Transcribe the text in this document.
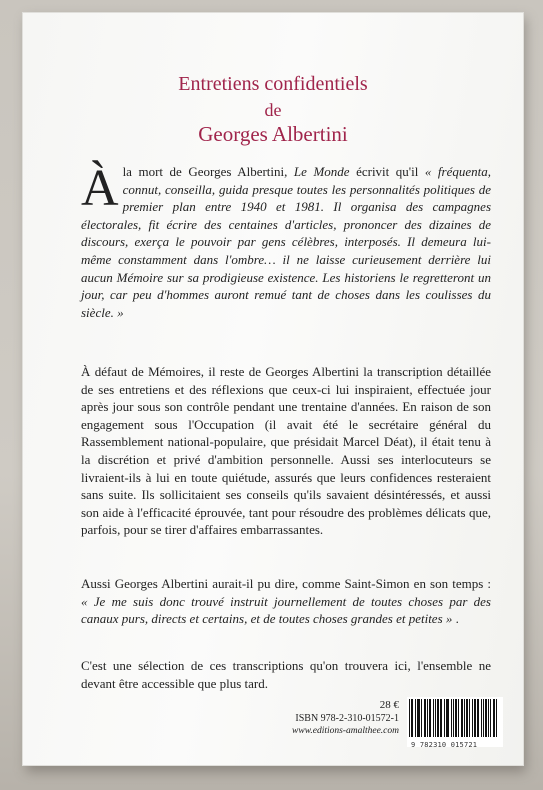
Entretiens confidentiels
de
Georges Albertini
À la mort de Georges Albertini, Le Monde écrivit qu'il « fréquenta, connut, conseilla, guida presque toutes les personnalités politiques de premier plan entre 1940 et 1981. Il organisa des campagnes électorales, fit écrire des centaines d'articles, prononcer des dizaines de discours, exerça le pouvoir par gens célèbres, interposés. Il demeura lui-même constamment dans l'ombre… il ne laisse curieusement derrière lui aucun Mémoire sur sa prodigieuse existence. Les historiens le regretteront un jour, car peu d'hommes auront remué tant de choses dans les coulisses du siècle. »
À défaut de Mémoires, il reste de Georges Albertini la transcription détaillée de ses entretiens et des réflexions que ceux-ci lui inspiraient, effectuée jour après jour sous son contrôle pendant une trentaine d'années. En raison de son engagement sous l'Occupation (il avait été le secrétaire général du Rassemblement national-populaire, que présidait Marcel Déat), il était tenu à la discrétion et privé d'ambition personnelle. Aussi ses interlocuteurs se livraient-ils à lui en toute quiétude, assurés que leurs confidences resteraient sans suite. Ils sollicitaient ses conseils qu'ils savaient désintéressés, et aussi son aide à l'efficacité éprouvée, tant pour résoudre des problèmes délicats que, parfois, pour se tirer d'affaires embarrassantes.
Aussi Georges Albertini aurait-il pu dire, comme Saint-Simon en son temps : « Je me suis donc trouvé instruit journellement de toutes choses par des canaux purs, directs et certains, et de toutes choses grandes et petites » .
C'est une sélection de ces transcriptions qu'on trouvera ici, l'ensemble ne devant être accessible que plus tard.
28 €
ISBN 978-2-310-01572-1
www.editions-amalthee.com
9 782310 015721
